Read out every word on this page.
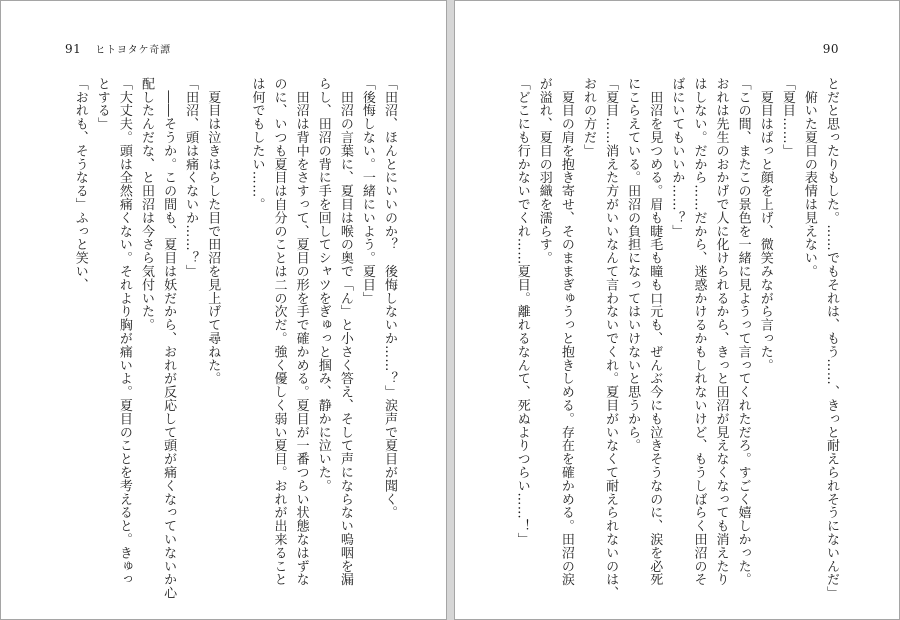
91 ヒトヨタケ奇譚
「田沼、ほんとにいいのか？　後悔しないか……？」涙声で夏目が聞く。
「後悔しない。一緒にいよう。夏目」
　田沼の言葉に、夏目は喉の奥で「ん」と小さく答え、そして声にならない嗚咽を漏
らし、田沼の背に手を回してシャツをぎゅっと掴み、静かに泣いた。
　田沼は背中をさすって、夏目の形を手で確かめる。夏目が一番つらい状態なはずな
のに、いつも夏目は自分のことは二の次だ。強く優しく弱い夏目。おれが出来ること
は何でもしたい……。
　夏目は泣きはらした目で田沼を見上げて尋ねた。
「田沼、頭は痛くないか……？」
　――そうか。この間も、夏目は妖だから、おれが反応して頭が痛くなっていないか心
配したんだな、と田沼は今さら気付いた。
「大丈夫。頭は全然痛くない。それより胸が痛いよ。夏目のことを考えると。きゅっ
とする」
「おれも、そうなる」ふっと笑い、
90
とだと思ったりもした。……でもそれは、もう……、きっと耐えられそうにないんだ」
　俯いた夏目の表情は見えない。
「夏目……」
　夏目はぱっと顔を上げ、微笑みながら言った。
「この間、またこの景色を一緒に見ようって言ってくれただろ。すごく嬉しかった。
おれは先生のおかげで人に化けられるから、きっと田沼が見えなくなっても消えたり
はしない。だから……だから、迷惑かけるかもしれないけど、もうしばらく田沼のそ
ばにいてもいいか……？」
　田沼を見つめる。眉も睫毛も瞳も口元も、ぜんぶ今にも泣きそうなのに、涙を必死
にこらえている。田沼の負担になってはいけないと思うから。
「夏目……消えた方がいいなんて言わないでくれ。夏目がいなくて耐えられないのは、
おれの方だ」
　夏目の肩を抱き寄せ、そのままぎゅうっと抱きしめる。存在を確かめる。田沼の涙
が溢れ、夏目の羽織を濡らす。
「どこにも行かないでくれ……夏目。離れるなんて、死ぬよりつらい……！」
